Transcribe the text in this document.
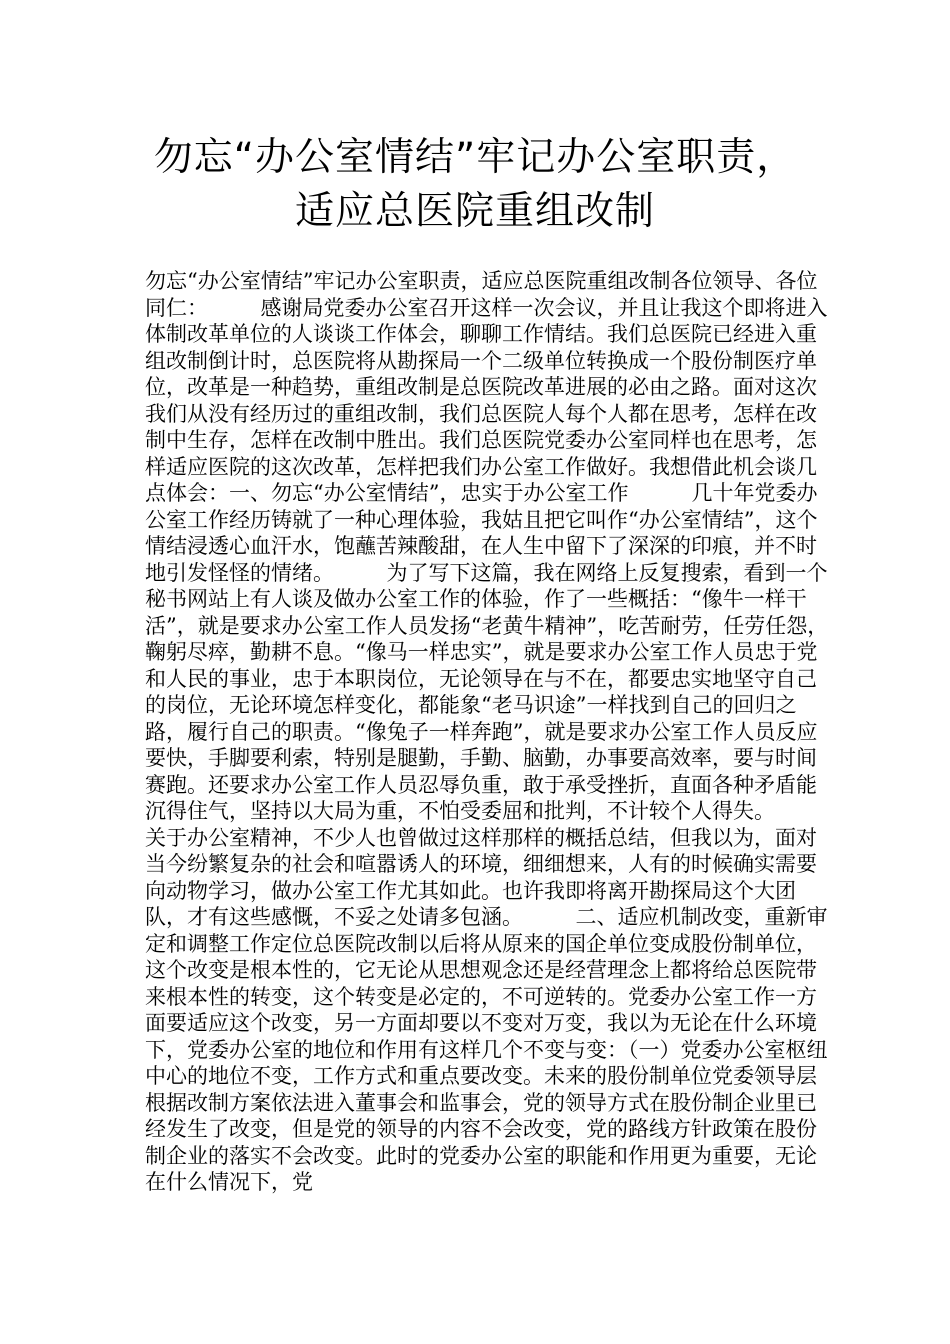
勿忘“办公室情结”牢记办公室职责，
适应总医院重组改制

勿忘“办公室情结”牢记办公室职责，适应总医院重组改制各位领导、各位同仁：　　　感谢局党委办公室召开这样一次会议，并且让我这个即将进入体制改革单位的人谈谈工作体会，聊聊工作情结。我们总医院已经进入重组改制倒计时，总医院将从勘探局一个二级单位转换成一个股份制医疗单位，改革是一种趋势，重组改制是总医院改革进展的必由之路。面对这次我们从没有经历过的重组改制，我们总医院人每个人都在思考，怎样在改制中生存，怎样在改制中胜出。我们总医院党委办公室同样也在思考，怎样适应医院的这次改革，怎样把我们办公室工作做好。我想借此机会谈几点体会：一、勿忘“办公室情结”，忠实于办公室工作　　　几十年党委办公室工作经历铸就了一种心理体验，我姑且把它叫作“办公室情结”，这个情结浸透心血汗水，饱蘸苦辣酸甜，在人生中留下了深深的印痕，并不时地引发怪怪的情绪。　　　为了写下这篇，我在网络上反复搜索，看到一个秘书网站上有人谈及做办公室工作的体验，作了一些概括：“像牛一样干活”，就是要求办公室工作人员发扬“老黄牛精神”，吃苦耐劳，任劳任怨，鞠躬尽瘁，勤耕不息。“像马一样忠实”，就是要求办公室工作人员忠于党和人民的事业，忠于本职岗位，无论领导在与不在，都要忠实地坚守自己的岗位，无论环境怎样变化，都能象“老马识途”一样找到自己的回归之路，履行自己的职责。“像兔子一样奔跑”，就是要求办公室工作人员反应要快，手脚要利索，特别是腿勤，手勤、脑勤，办事要高效率，要与时间赛跑。还要求办公室工作人员忍辱负重，敢于承受挫折，直面各种矛盾能沉得住气，坚持以大局为重，不怕受委屈和批判，不计较个人得失。　　　关于办公室精神，不少人也曾做过这样那样的概括总结，但我以为，面对当今纷繁复杂的社会和喧嚣诱人的环境，细细想来，人有的时候确实需要向动物学习，做办公室工作尤其如此。也许我即将离开勘探局这个大团队，才有这些感慨，不妥之处请多包涵。　　　二、适应机制改变，重新审定和调整工作定位总医院改制以后将从原来的国企单位变成股份制单位，这个改变是根本性的，它无论从思想观念还是经营理念上都将给总医院带来根本性的转变，这个转变是必定的，不可逆转的。党委办公室工作一方面要适应这个改变，另一方面却要以不变对万变，我以为无论在什么环境下，党委办公室的地位和作用有这样几个不变与变：（一）党委办公室枢纽中心的地位不变，工作方式和重点要改变。未来的股份制单位党委领导层根据改制方案依法进入董事会和监事会，党的领导方式在股份制企业里已经发生了改变，但是党的领导的内容不会改变，党的路线方针政策在股份制企业的落实不会改变。此时的党委办公室的职能和作用更为重要，无论在什么情况下，党
